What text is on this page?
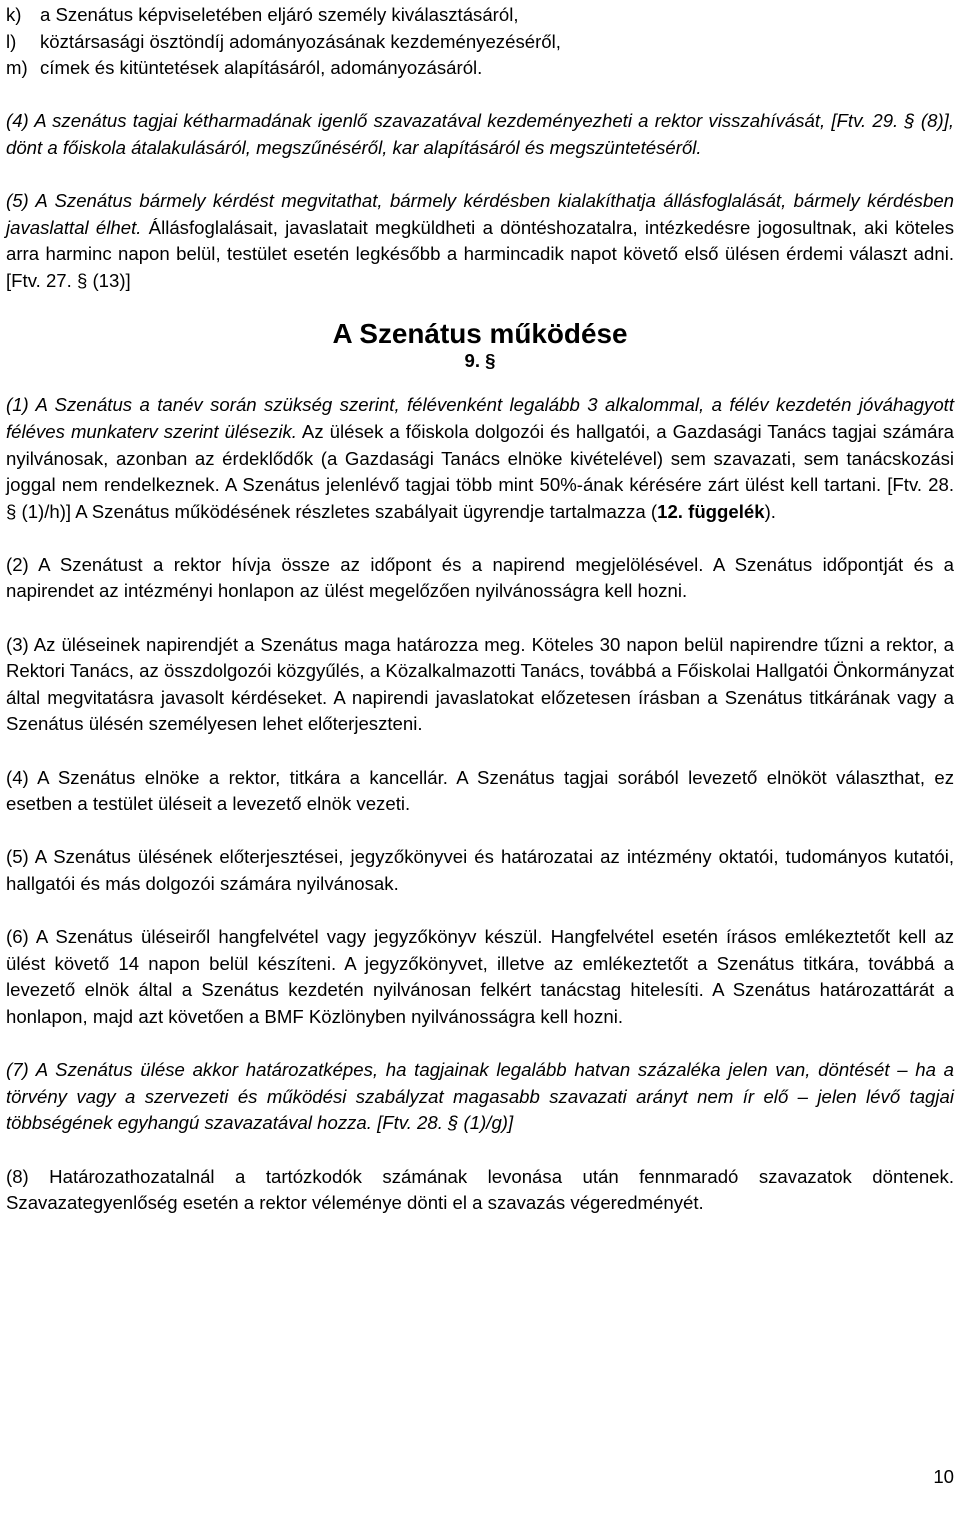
k) a Szenátus képviseletében eljáró személy kiválasztásáról,
l)	köztársasági ösztöndíj adományozásának kezdeményezéséről,
m) címek és kitüntetések alapításáról, adományozásáról.

(4) A szenátus tagjai kétharmadának igenlő szavazatával kezdeményezheti a rektor visszahívását, [Ftv. 29. § (8)], dönt a főiskola átalakulásáról, megszűnéséről, kar alapításáról és megszüntetéséről.

(5) A Szenátus bármely kérdést megvitathat, bármely kérdésben kialakíthatja állásfoglalását, bármely kérdésben javaslattal élhet. Állásfoglalásait, javaslatait megküldheti a döntéshozatalra, intézkedésre jogosultnak, aki köteles arra harminc napon belül, testület esetén legkésőbb a harmincadik napot követő első ülésen érdemi választ adni. [Ftv. 27. § (13)]

A Szenátus működése
9. §

(1) A Szenátus a tanév során szükség szerint, félévenként legalább 3 alkalommal, a félév kezdetén jóváhagyott féléves munkaterv szerint ülésezik. Az ülések a főiskola dolgozói és hallgatói, a Gazdasági Tanács tagjai számára nyilvánosak, azonban az érdeklődők (a Gazdasági Tanács elnöke kivételével) sem szavazati, sem tanácskozási joggal nem rendelkeznek. A Szenátus jelenlévő tagjai több mint 50%-ának kérésére zárt ülést kell tartani. [Ftv. 28. § (1)/h)] A Szenátus működésének részletes szabályait ügyrendje tartalmazza (12. függelék).

(2) A Szenátust a rektor hívja össze az időpont és a napirend megjelölésével. A Szenátus időpontját és a napirendet az intézményi honlapon az ülést megelőzően nyilvánosságra kell hozni.

(3) Az üléseinek napirendjét a Szenátus maga határozza meg. Köteles 30 napon belül napirendre tűzni a rektor, a Rektori Tanács, az összdolgozói közgyűlés, a Közalkalmazotti Tanács, továbbá a Főiskolai Hallgatói Önkormányzat által megvitatásra javasolt kérdéseket. A napirendi javaslatokat előzetesen írásban a Szenátus titkárának vagy a Szenátus ülésén személyesen lehet előterjeszteni.

(4) A Szenátus elnöke a rektor, titkára a kancellár. A Szenátus tagjai sorából levezető elnököt választhat, ez esetben a testület üléseit a levezető elnök vezeti.

(5) A Szenátus ülésének előterjesztései, jegyzőkönyvei és határozatai az intézmény oktatói, tudományos kutatói, hallgatói és más dolgozói számára nyilvánosak.

(6) A Szenátus üléseiről hangfelvétel vagy jegyzőkönyv készül. Hangfelvétel esetén írásos emlékeztetőt kell az ülést követő 14 napon belül készíteni. A jegyzőkönyvet, illetve az emlékeztetőt a Szenátus titkára, továbbá a levezető elnök által a Szenátus kezdetén nyilvánosan felkért tanácstag hitelesíti. A Szenátus határozattárát a honlapon, majd azt követően a BMF Közlönyben nyilvánosságra kell hozni.

(7) A Szenátus ülése akkor határozatképes, ha tagjainak legalább hatvan százaléka jelen van, döntését – ha a törvény vagy a szervezeti és működési szabályzat magasabb szavazati arányt nem ír elő – jelen lévő tagjai többségének egyhangú szavazatával hozza. [Ftv. 28. § (1)/g)]

(8) Határozathozatalnál a tartózkodók számának levonása után fennmaradó szavazatok döntenek. Szavazategyenlőség esetén a rektor véleménye dönti el a szavazás végeredményét.

10
